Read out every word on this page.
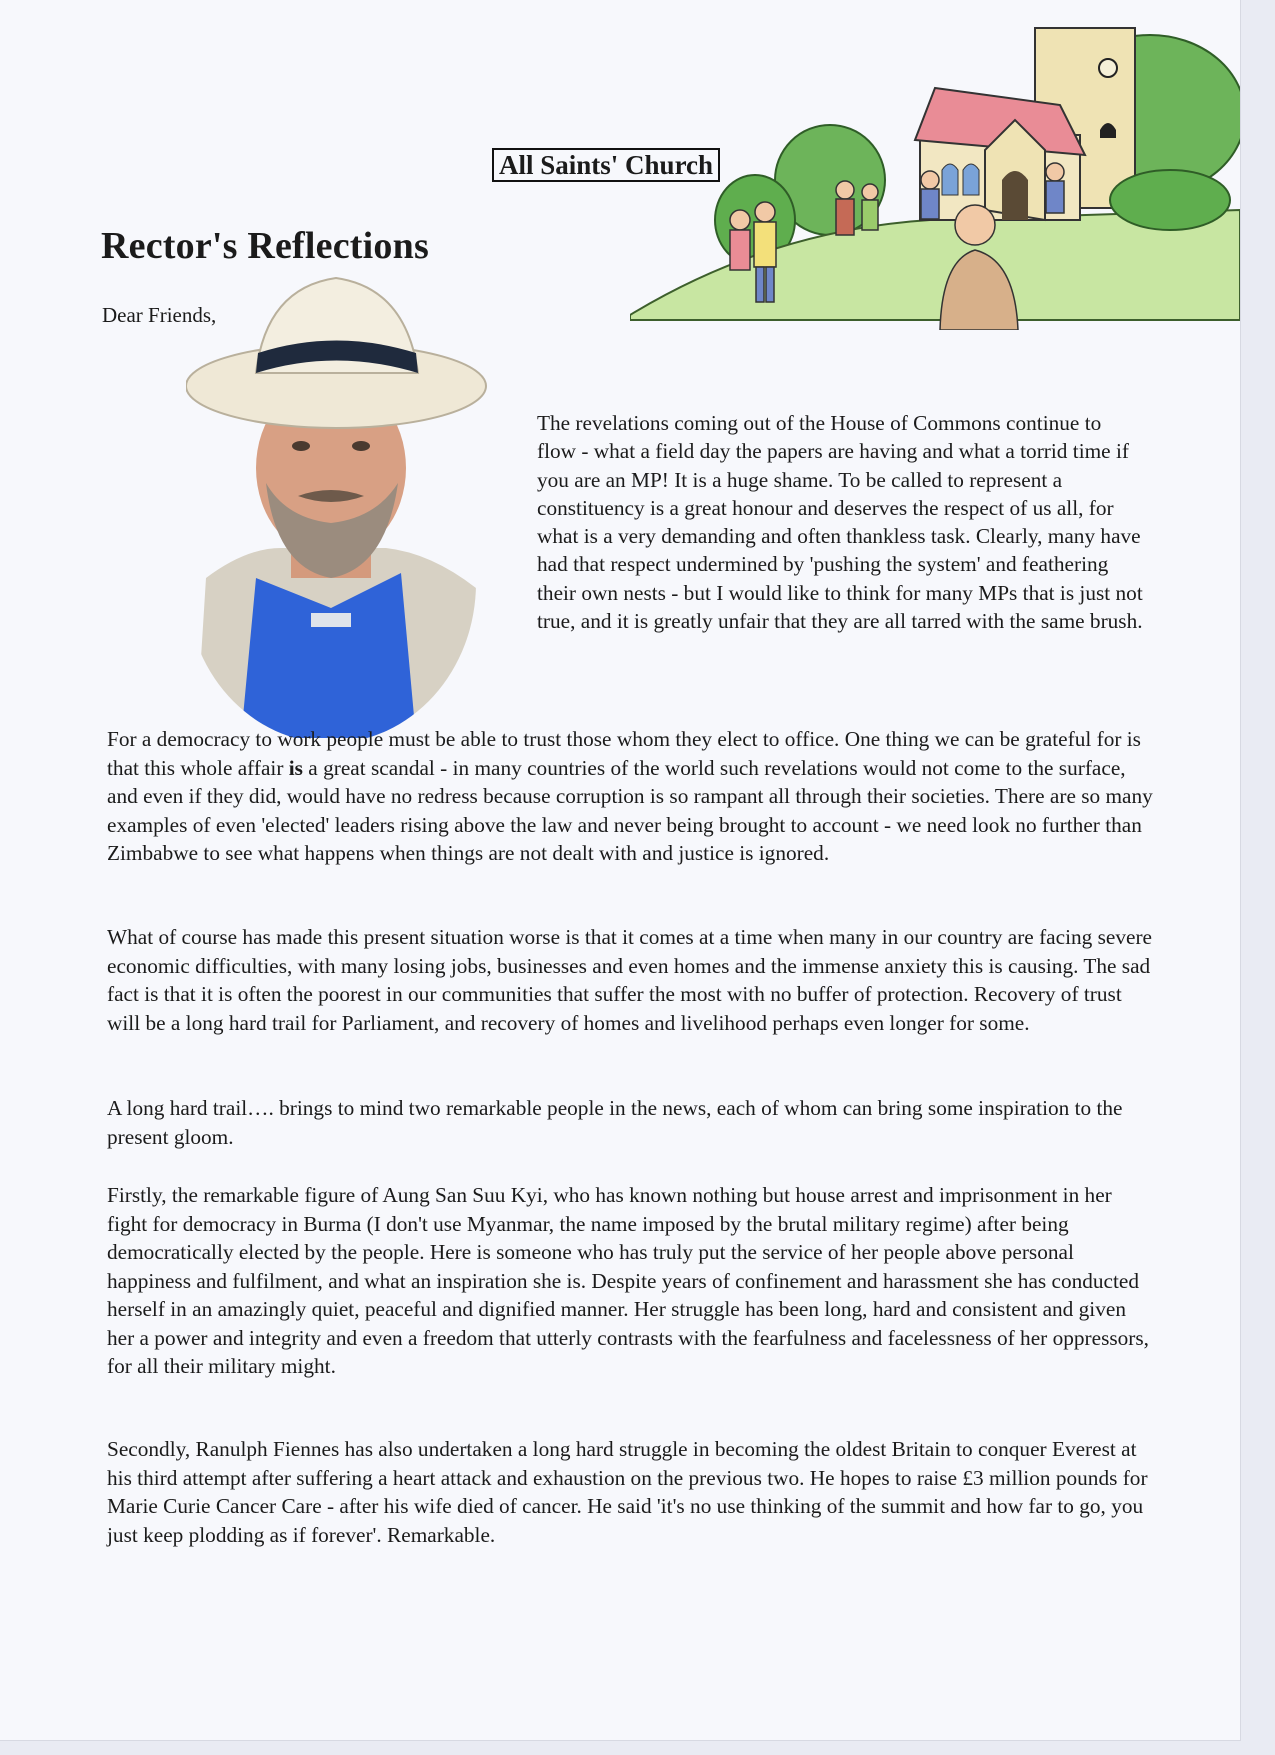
All Saints' Church
Rector's Reflections

Dear Friends,

The revelations coming out of the House of Commons continue to flow - what a field day the papers are having and what a torrid time if you are an MP! It is a huge shame. To be called to represent a constituency is a great honour and deserves the respect of us all, for what is a very demanding and often thankless task. Clearly, many have had that respect undermined by 'pushing the system' and feathering their own nests - but I would like to think for many MPs that is just not true, and it is greatly unfair that they are all tarred with the same brush.

For a democracy to work people must be able to trust those whom they elect to office. One thing we can be grateful for is that this whole affair is a great scandal - in many countries of the world such revelations would not come to the surface, and even if they did, would have no redress because corruption is so rampant all through their societies. There are so many examples of even 'elected' leaders rising above the law and never being brought to account - we need look no further than Zimbabwe to see what happens when things are not dealt with and justice is ignored.

What of course has made this present situation worse is that it comes at a time when many in our country are facing severe economic difficulties, with many losing jobs, businesses and even homes and the immense anxiety this is causing. The sad fact is that it is often the poorest in our communities that suffer the most with no buffer of protection. Recovery of trust will be a long hard trail for Parliament, and recovery of homes and livelihood perhaps even longer for some.

A long hard trail…. brings to mind two remarkable people in the news, each of whom can bring some inspiration to the present gloom.

Firstly, the remarkable figure of Aung San Suu Kyi, who has known nothing but house arrest and imprisonment in her fight for democracy in Burma (I don't use Myanmar, the name imposed by the brutal military regime) after being democratically elected by the people. Here is someone who has truly put the service of her people above personal happiness and fulfilment, and what an inspiration she is. Despite years of confinement and harassment she has conducted herself in an amazingly quiet, peaceful and dignified manner. Her struggle has been long, hard and consistent and given her a power and integrity and even a freedom that utterly contrasts with the fearfulness and facelessness of her oppressors, for all their military might.

Secondly, Ranulph Fiennes has also undertaken a long hard struggle in becoming the oldest Britain to conquer Everest at his third attempt after suffering a heart attack and exhaustion on the previous two. He hopes to raise £3 million pounds for Marie Curie Cancer Care - after his wife died of cancer. He said 'it's no use thinking of the summit and how far to go, you just keep plodding as if forever'. Remarkable.
